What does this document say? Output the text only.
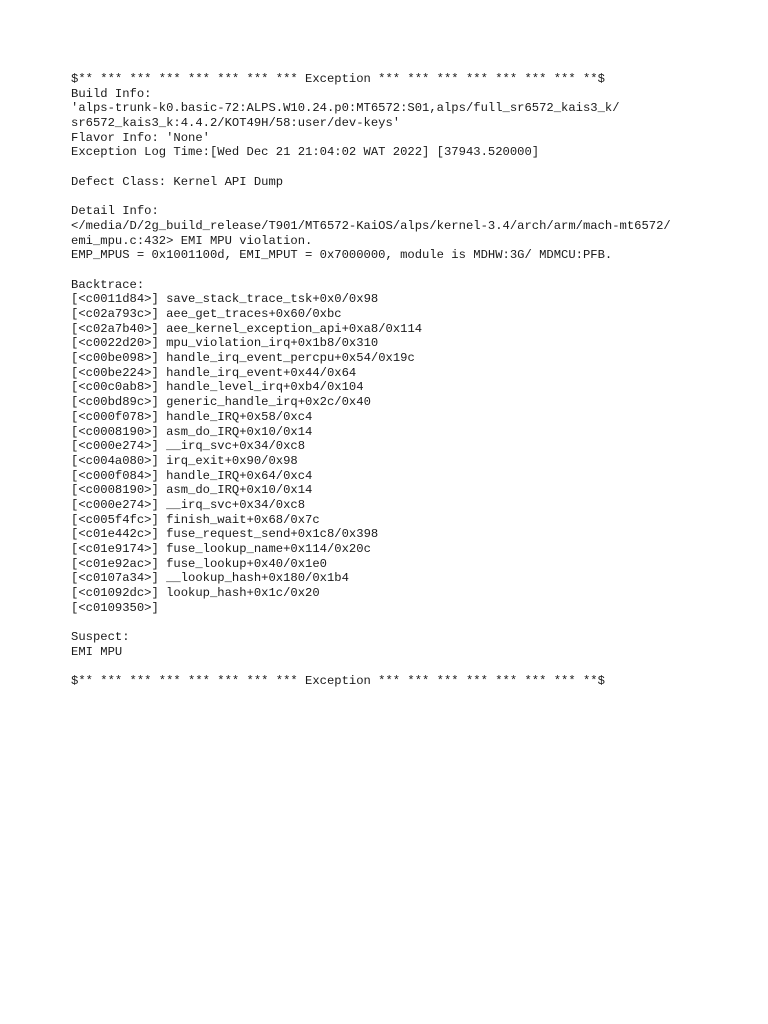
$** *** *** *** *** *** *** *** Exception *** *** *** *** *** *** *** **$
Build Info:
'alps-trunk-k0.basic-72:ALPS.W10.24.p0:MT6572:S01,alps/full_sr6572_kais3_k/
sr6572_kais3_k:4.4.2/KOT49H/58:user/dev-keys'
Flavor Info: 'None'
Exception Log Time:[Wed Dec 21 21:04:02 WAT 2022] [37943.520000]
Defect Class: Kernel API Dump
Detail Info:
</media/D/2g_build_release/T901/MT6572-KaiOS/alps/kernel-3.4/arch/arm/mach-mt6572/
emi_mpu.c:432> EMI MPU violation.
EMP_MPUS = 0x1001100d, EMI_MPUT = 0x7000000, module is MDHW:3G/ MDMCU:PFB.
Backtrace:
[<c0011d84>] save_stack_trace_tsk+0x0/0x98
[<c02a793c>] aee_get_traces+0x60/0xbc
[<c02a7b40>] aee_kernel_exception_api+0xa8/0x114
[<c0022d20>] mpu_violation_irq+0x1b8/0x310
[<c00be098>] handle_irq_event_percpu+0x54/0x19c
[<c00be224>] handle_irq_event+0x44/0x64
[<c00c0ab8>] handle_level_irq+0xb4/0x104
[<c00bd89c>] generic_handle_irq+0x2c/0x40
[<c000f078>] handle_IRQ+0x58/0xc4
[<c0008190>] asm_do_IRQ+0x10/0x14
[<c000e274>] __irq_svc+0x34/0xc8
[<c004a080>] irq_exit+0x90/0x98
[<c000f084>] handle_IRQ+0x64/0xc4
[<c0008190>] asm_do_IRQ+0x10/0x14
[<c000e274>] __irq_svc+0x34/0xc8
[<c005f4fc>] finish_wait+0x68/0x7c
[<c01e442c>] fuse_request_send+0x1c8/0x398
[<c01e9174>] fuse_lookup_name+0x114/0x20c
[<c01e92ac>] fuse_lookup+0x40/0x1e0
[<c0107a34>] __lookup_hash+0x180/0x1b4
[<c01092dc>] lookup_hash+0x1c/0x20
[<c0109350>]
Suspect:
EMI MPU
$** *** *** *** *** *** *** *** Exception *** *** *** *** *** *** *** **$
